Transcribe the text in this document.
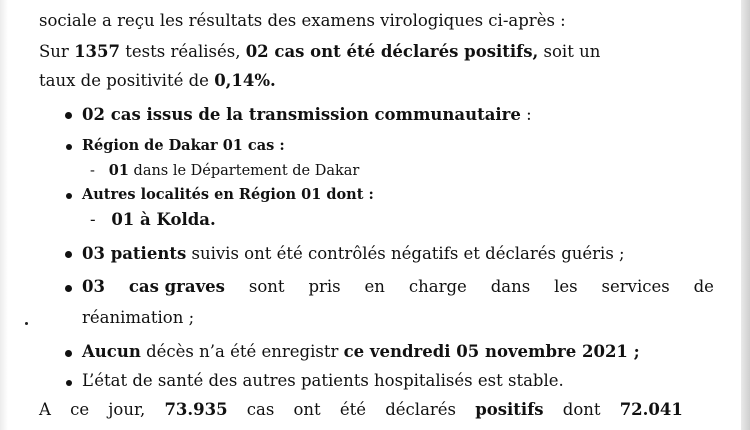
sociale a reçu les résultats des examens virologiques ci-après :
Sur 1357 tests réalisés, 02 cas ont été déclarés positifs, soit un
taux de positivité de 0,14%.
02 cas issus de la transmission communautaire :
Région de Dakar 01 cas :
- 01 dans le Département de Dakar
Autres localités en Région 01 dont :
- 01 à Kolda.
03 patients suivis ont été contrôlés négatifs et déclarés guéris ;
03 cas graves sont pris en charge dans les services de
réanimation ;
Aucun décès n’a été enregistr ce vendredi 05 novembre 2021 ;
L’état de santé des autres patients hospitalisés est stable.
A ce jour, 73.935 cas ont été déclarés positifs dont 72.041
